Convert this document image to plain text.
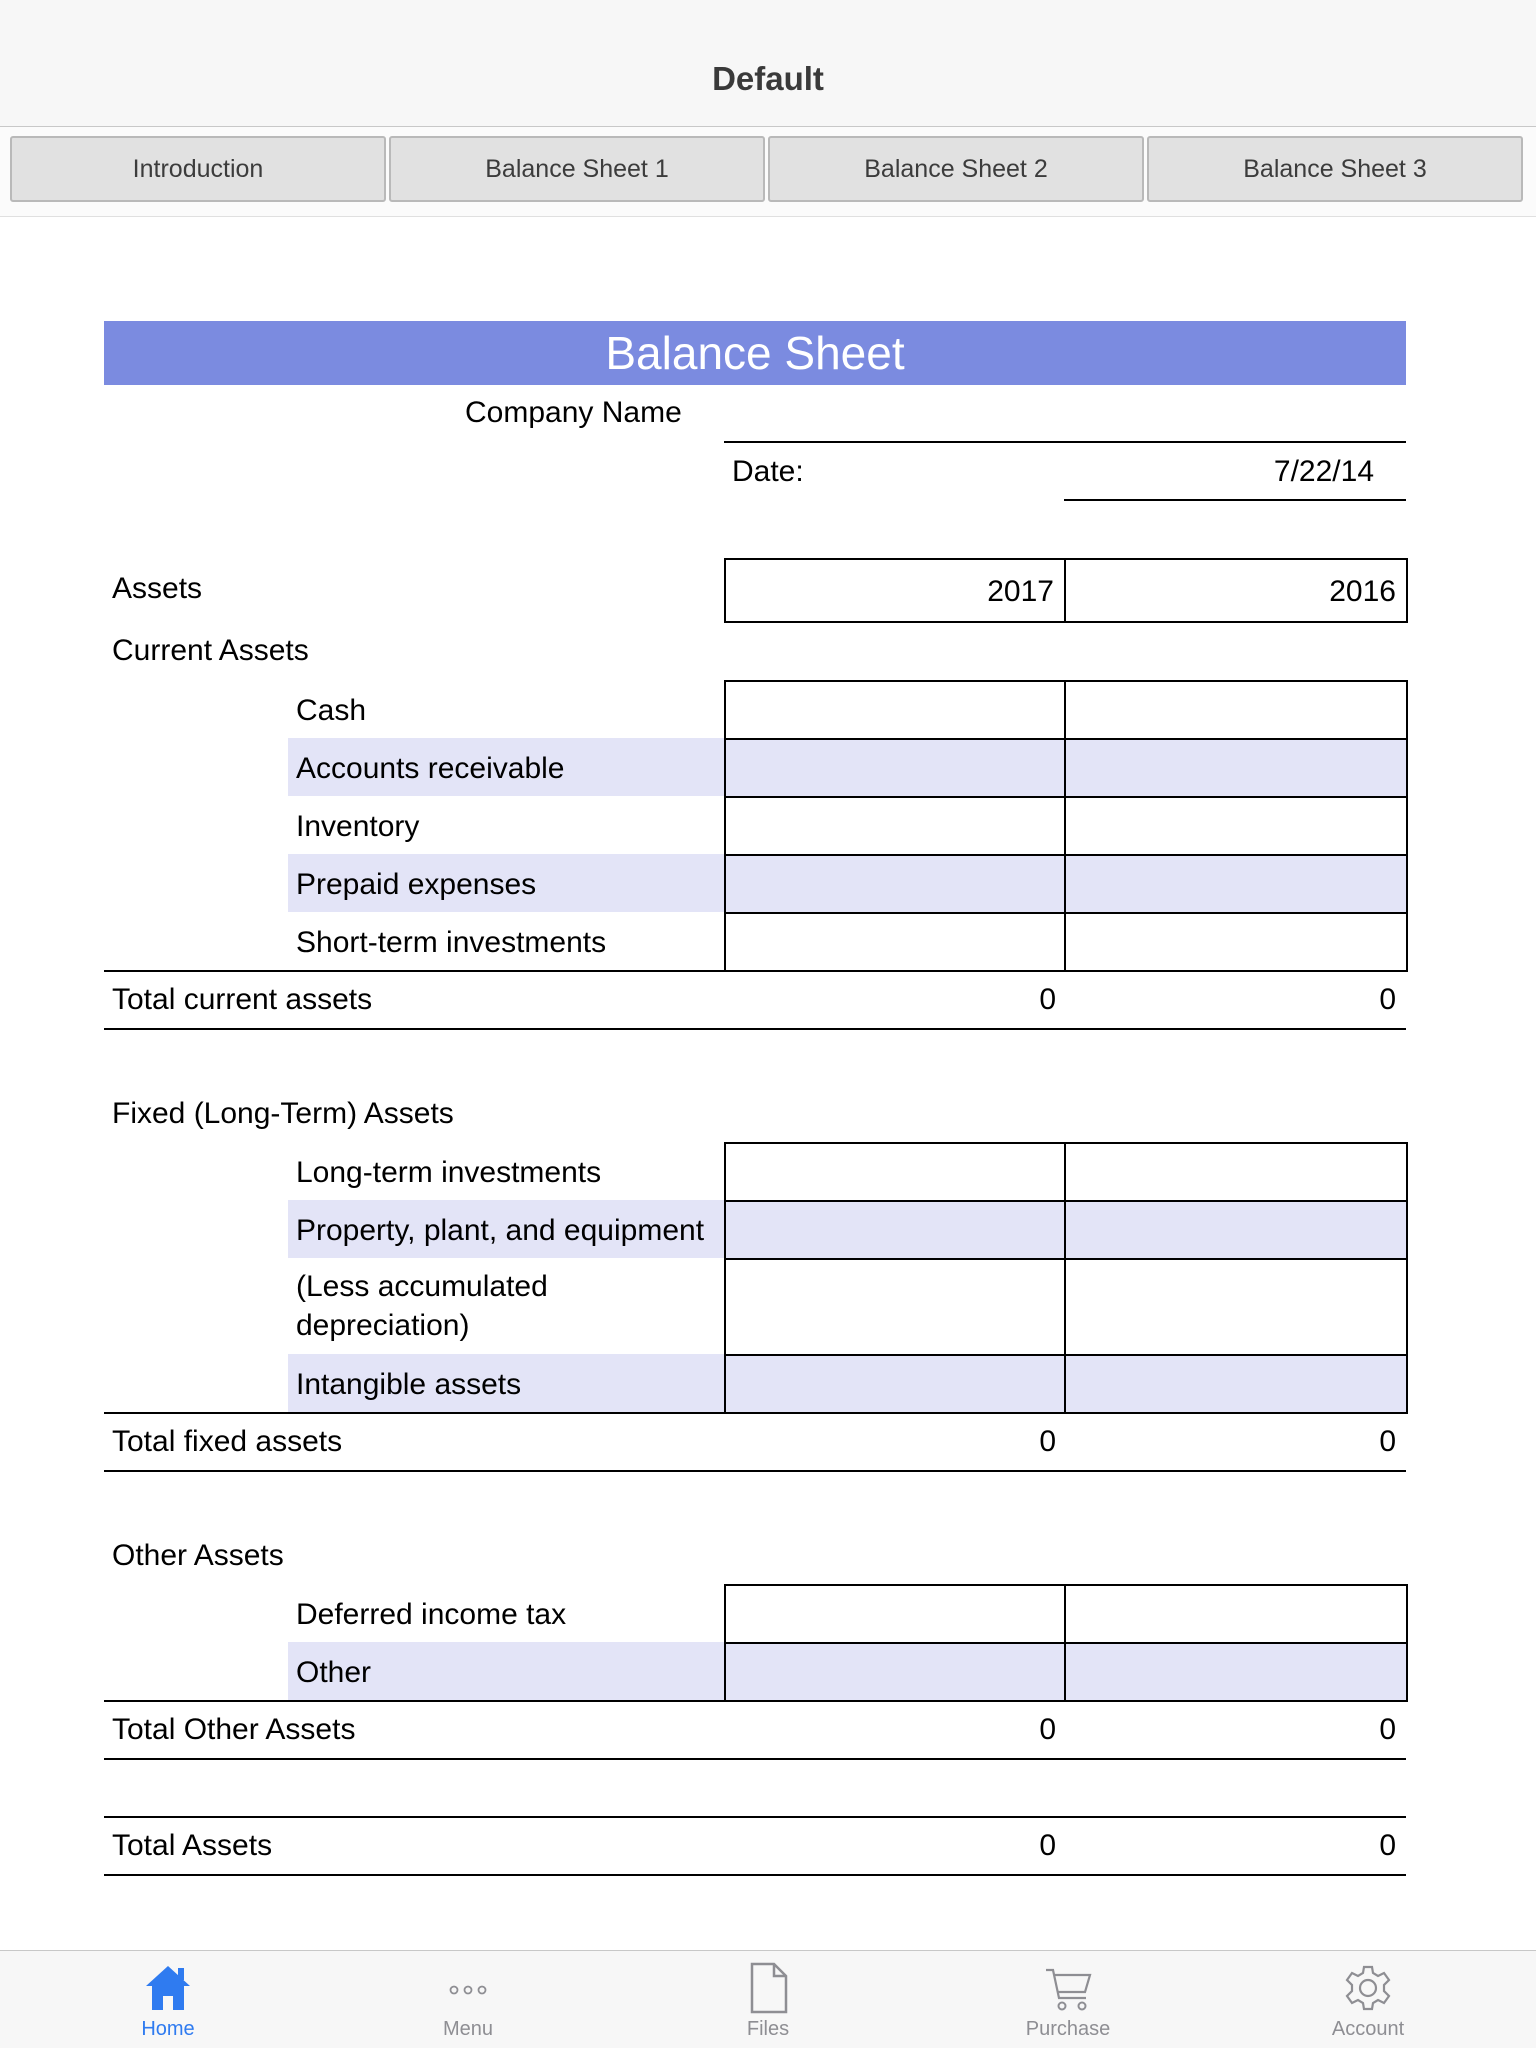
Default
Introduction	Balance Sheet 1	Balance Sheet 2	Balance Sheet 3
Balance Sheet
Company Name
Date:	7/22/14
Assets	2017	2016
Current Assets
Cash
Accounts receivable
Inventory
Prepaid expenses
Short-term investments
Total current assets	0	0
Fixed (Long-Term) Assets
Long-term investments
Property, plant, and equipment
(Less accumulated
depreciation)
Intangible assets
Total fixed assets	0	0
Other Assets
Deferred income tax
Other
Total Other Assets	0	0
Total Assets	0	0
Home	Menu	Files	Purchase	Account
